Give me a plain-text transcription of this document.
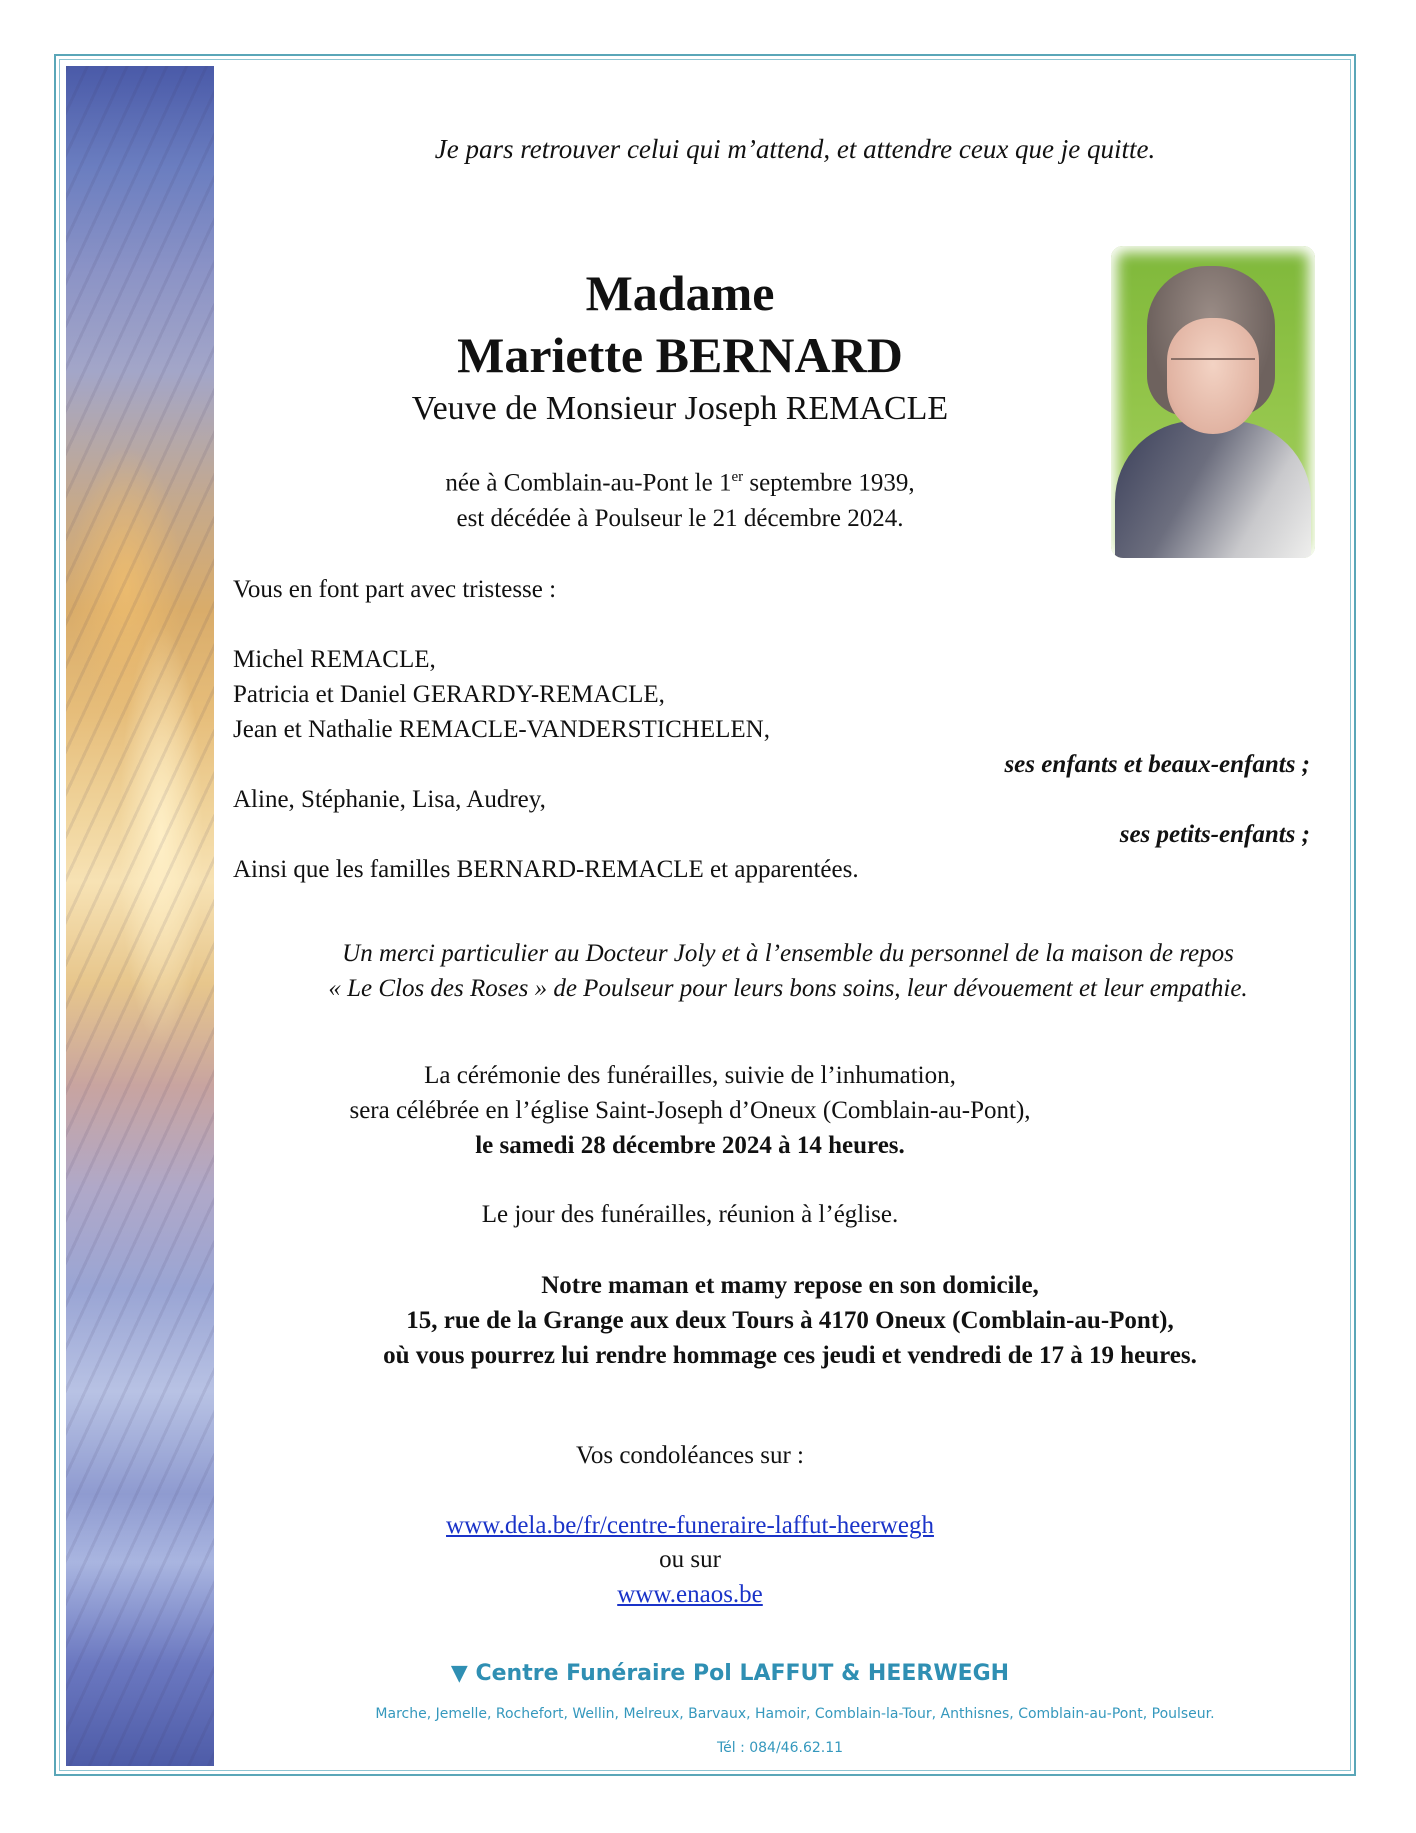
Je pars retrouver celui qui m’attend, et attendre ceux que je quitte.

Madame

Mariette BERNARD

Veuve de Monsieur Joseph REMACLE

née à Comblain-au-Pont le 1er septembre 1939,

est décédée à Poulseur le 21 décembre 2024.

Vous en font part avec tristesse :

Michel REMACLE,

Patricia et Daniel GERARDY-REMACLE,

Jean et Nathalie REMACLE-VANDERSTICHELEN,

ses enfants et beaux-enfants ;

Aline, Stéphanie, Lisa, Audrey,

ses petits-enfants ;

Ainsi que les familles BERNARD-REMACLE et apparentées.

Un merci particulier au Docteur Joly et à l’ensemble du personnel de la maison de repos

« Le Clos des Roses » de Poulseur pour leurs bons soins, leur dévouement et leur empathie.

La cérémonie des funérailles, suivie de l’inhumation,

sera célébrée en l’église Saint-Joseph d’Oneux (Comblain-au-Pont),

le samedi 28 décembre 2024 à 14 heures.

Le jour des funérailles, réunion à l’église.

Notre maman et mamy repose en son domicile,

15, rue de la Grange aux deux Tours à 4170 Oneux (Comblain-au-Pont),

où vous pourrez lui rendre hommage ces jeudi et vendredi de 17 à 19 heures.

Vos condoléances sur :

www.dela.be/fr/centre-funeraire-laffut-heerwegh

ou sur

www.enaos.be

▼ Centre Funéraire Pol LAFFUT & HEERWEGH

Marche, Jemelle, Rochefort, Wellin, Melreux, Barvaux, Hamoir, Comblain-la-Tour, Anthisnes, Comblain-au-Pont, Poulseur.

Tél : 084/46.62.11
